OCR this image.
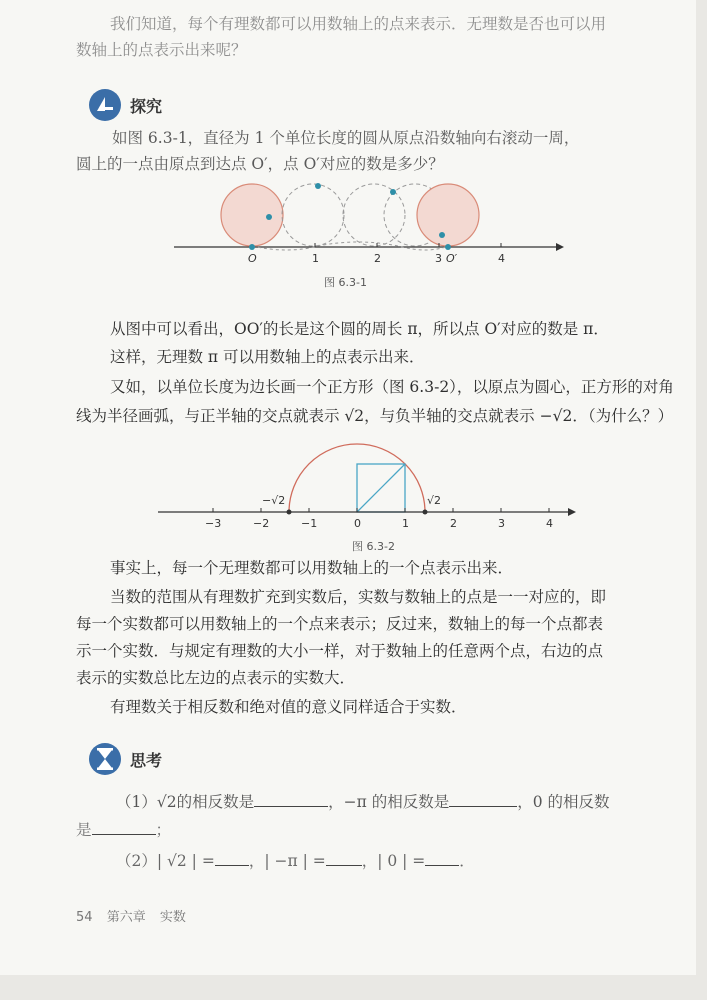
我们知道，每个有理数都可以用数轴上的点来表示．无理数是否也可以用
数轴上的点表示出来呢？
探究
如图 6.3-1，直径为 1 个单位长度的圆从原点沿数轴向右滚动一周，
圆上的一点由原点到达点 O′，点 O′对应的数是多少？
O	1	2	3 O′	4
图 6.3-1
从图中可以看出，OO′的长是这个圆的周长 π，所以点 O′对应的数是 π．
这样，无理数 π 可以用数轴上的点表示出来．
又如，以单位长度为边长画一个正方形（图 6.3-2），以原点为圆心，正方形的对角
线为半径画弧，与正半轴的交点就表示 √2，与负半轴的交点就表示 −√2．（为什么？）
−√2	√2
−3	−2	−1	0	1	2	3	4
图 6.3-2
事实上，每一个无理数都可以用数轴上的一个点表示出来．
当数的范围从有理数扩充到实数后，实数与数轴上的点是一一对应的，即
每一个实数都可以用数轴上的一个点来表示；反过来，数轴上的每一个点都表
示一个实数．与规定有理数的大小一样，对于数轴上的任意两个点，右边的点
表示的实数总比左边的点表示的实数大．
有理数关于相反数和绝对值的意义同样适合于实数．
思考
（1）√2的相反数是	，−π 的相反数是	，0 的相反数
是	；
（2）| √2 | = ，| −π | = ，| 0 | = ．
54 第六章 实数
